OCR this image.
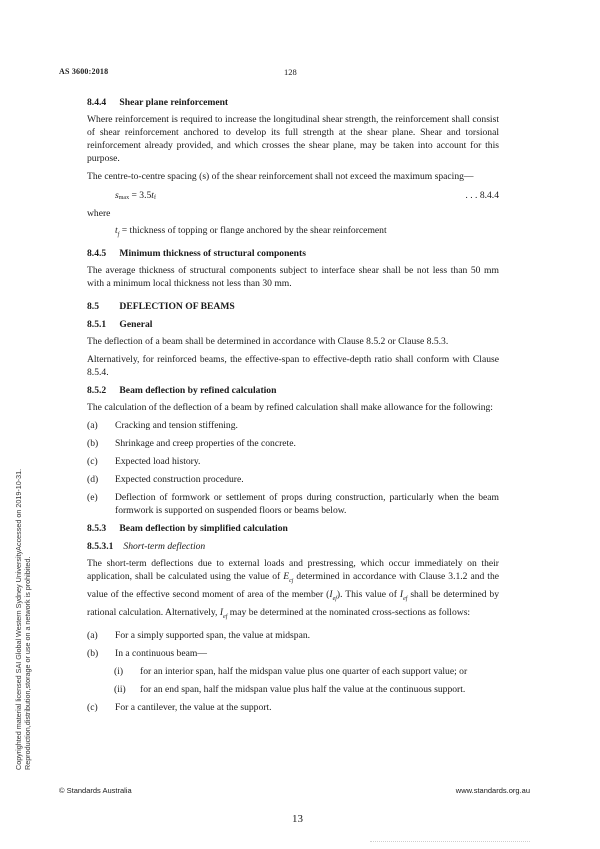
AS 3600:2018	128
8.4.4 Shear plane reinforcement

Where reinforcement is required to increase the longitudinal shear strength, the reinforcement shall consist of shear reinforcement anchored to develop its full strength at the shear plane. Shear and torsional reinforcement already provided, and which crosses the shear plane, may be taken into account for this purpose.

The centre-to-centre spacing (s) of the shear reinforcement shall not exceed the maximum spacing—

$s_{max} = 3.5t_f$	. . . 8.4.4
where
$t_f$ = thickness of topping or flange anchored by the shear reinforcement
8.4.5 Minimum thickness of structural components

The average thickness of structural components subject to interface shear shall be not less than 50 mm with a minimum local thickness not less than 30 mm.

8.5 DEFLECTION OF BEAMS
8.5.1 General

The deflection of a beam shall be determined in accordance with Clause 8.5.2 or Clause 8.5.3.

Alternatively, for reinforced beams, the effective-span to effective-depth ratio shall conform with Clause 8.5.4.

8.5.2 Beam deflection by refined calculation

The calculation of the deflection of a beam by refined calculation shall make allowance for the following:

(a) Cracking and tension stiffening.
(b) Shrinkage and creep properties of the concrete.
(c) Expected load history.
(d) Expected construction procedure.
(e) Deflection of formwork or settlement of props during construction, particularly when the beam formwork is supported on suspended floors or beams below.
8.5.3 Beam deflection by simplified calculation
8.5.3.1 Short-term deflection

The short-term deflections due to external loads and prestressing, which occur immediately on their application, shall be calculated using the value of $E_{cj}$ determined in accordance with Clause 3.1.2 and the value of the effective second moment of area of the member $(I_{ef})$. This value of $I_{ef}$ shall be determined by rational calculation. Alternatively, $I_{ef}$ may be determined at the nominated cross-sections as follows:

(a) For a simply supported span, the value at midspan.
(b) In a continuous beam—
(i) for an interior span, half the midspan value plus one quarter of each support value; or
(ii) for an end span, half the midspan value plus half the value at the continuous support.
(c) For a cantilever, the value at the support.
Copyrighted material licensed SAI Global Western Sydney UniversityAccessed on 2019-10-31. Reproduction,distribution,storage or use on a network is prohibited.
© Standards Australia	www.standards.org.au
13
